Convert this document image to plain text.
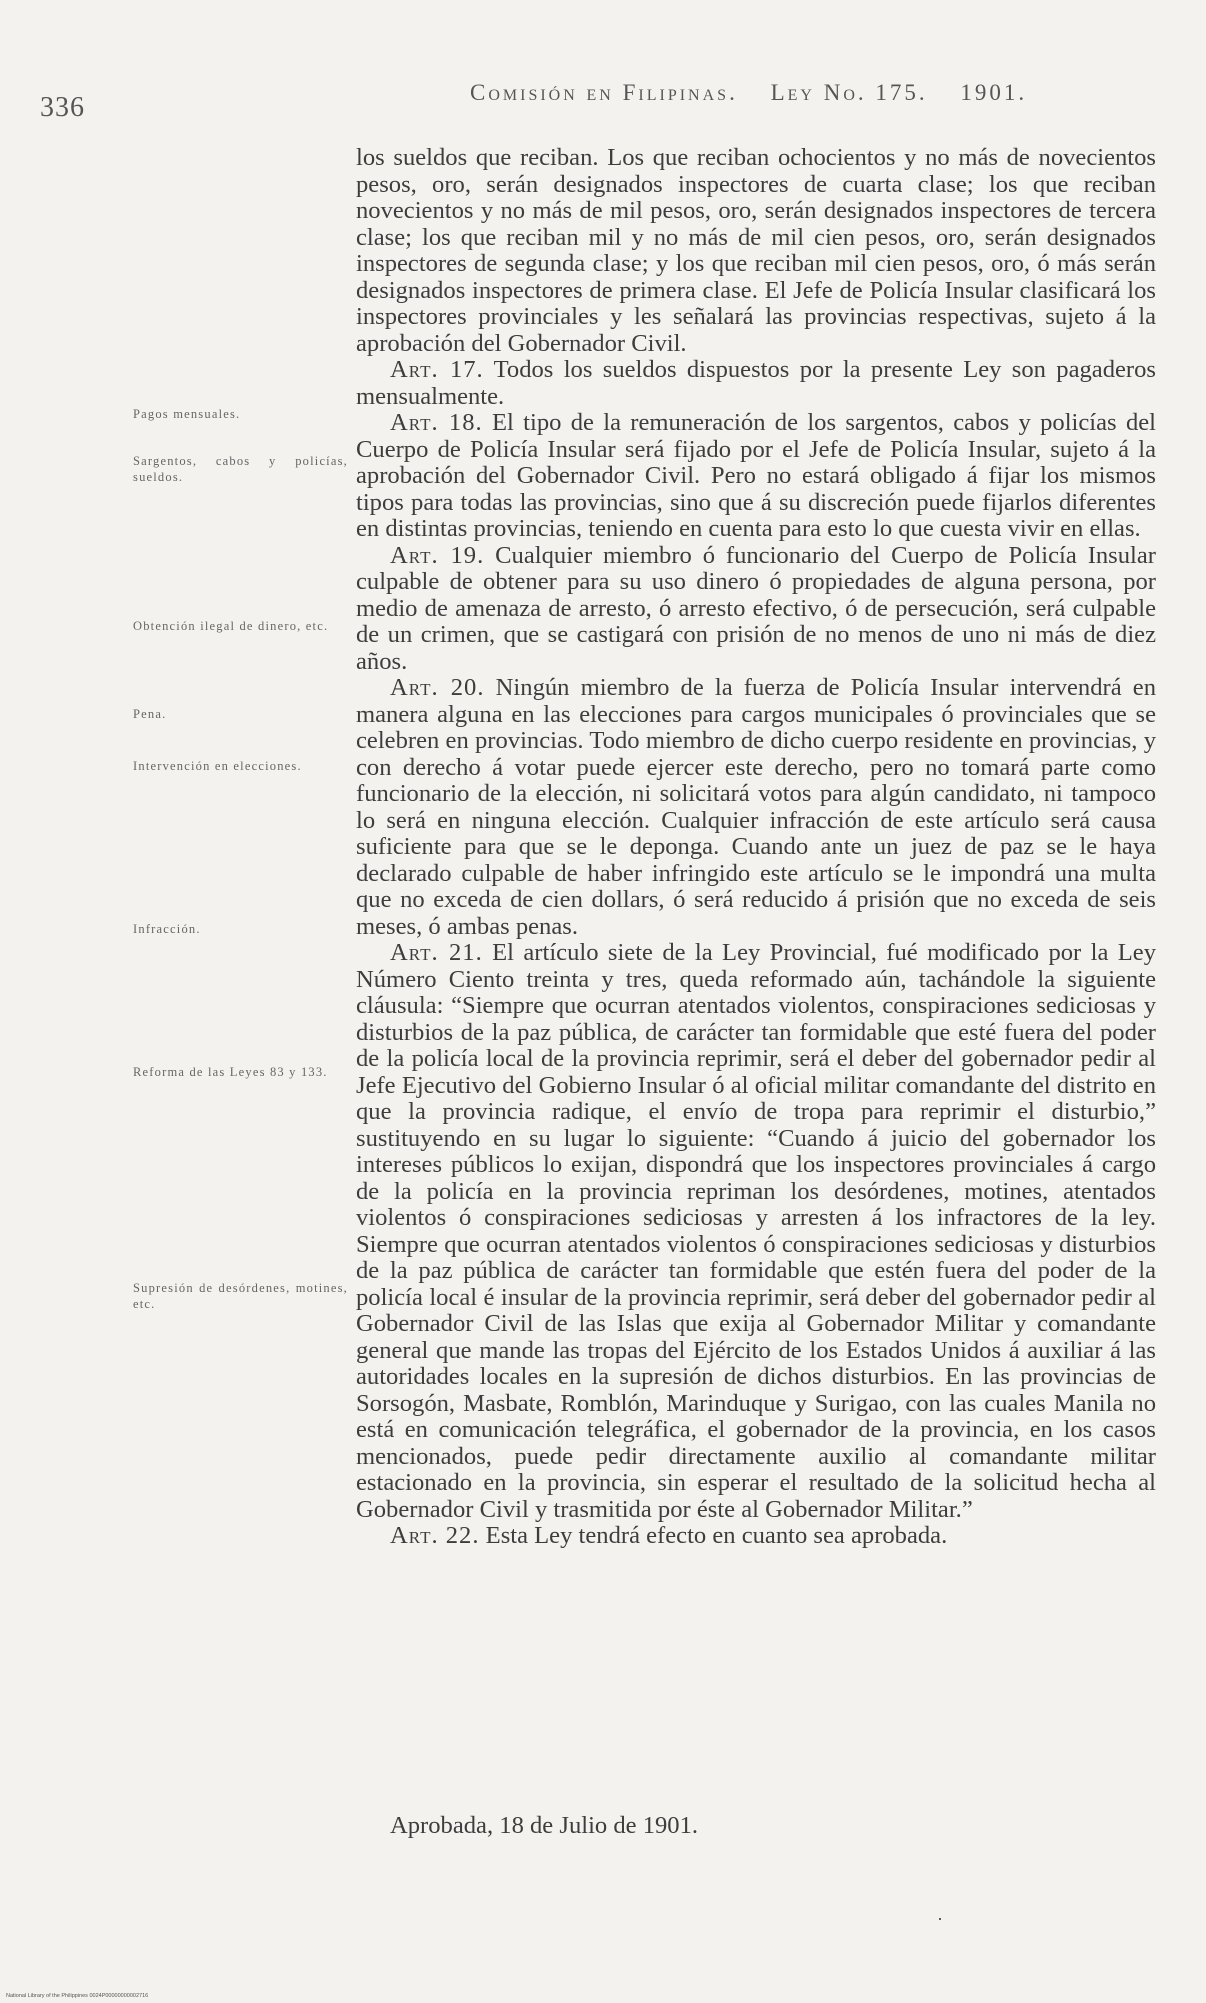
336	Comisión en Filipinas. Ley No. 175. 1901.
Pagos mensuales.
Sargentos, cabos y policías, sueldos.
Obtención ilegal de dinero, etc.
Pena.
Intervención en elecciones.
Infracción.
Reforma de las Leyes 83 y 133.
Supresión de desórdenes, motines, etc.

los sueldos que reciban. Los que reciban ochocientos y no más de novecientos pesos, oro, serán designados inspectores de cuarta clase; los que reciban novecientos y no más de mil pesos, oro, serán designados inspectores de tercera clase; los que reciban mil y no más de mil cien pesos, oro, serán designados inspectores de segunda clase; y los que reciban mil cien pesos, oro, ó más serán designados inspectores de primera clase. El Jefe de Policía Insular clasificará los inspectores provinciales y les señalará las provincias respectivas, sujeto á la aprobación del Gobernador Civil.

Art. 17. Todos los sueldos dispuestos por la presente Ley son pagaderos mensualmente.

Art. 18. El tipo de la remuneración de los sargentos, cabos y policías del Cuerpo de Policía Insular será fijado por el Jefe de Policía Insular, sujeto á la aprobación del Gobernador Civil. Pero no estará obligado á fijar los mismos tipos para todas las provincias, sino que á su discreción puede fijarlos diferentes en distintas provincias, teniendo en cuenta para esto lo que cuesta vivir en ellas.

Art. 19. Cualquier miembro ó funcionario del Cuerpo de Policía Insular culpable de obtener para su uso dinero ó propiedades de alguna persona, por medio de amenaza de arresto, ó arresto efectivo, ó de persecución, será culpable de un crimen, que se castigará con prisión de no menos de uno ni más de diez años.

Art. 20. Ningún miembro de la fuerza de Policía Insular intervendrá en manera alguna en las elecciones para cargos municipales ó provinciales que se celebren en provincias. Todo miembro de dicho cuerpo residente en provincias, y con derecho á votar puede ejercer este derecho, pero no tomará parte como funcionario de la elección, ni solicitará votos para algún candidato, ni tampoco lo será en ninguna elección. Cualquier infracción de este artículo será causa suficiente para que se le deponga. Cuando ante un juez de paz se le haya declarado culpable de haber infringido este artículo se le impondrá una multa que no exceda de cien dollars, ó será reducido á prisión que no exceda de seis meses, ó ambas penas.

Art. 21. El artículo siete de la Ley Provincial, fué modificado por la Ley Número Ciento treinta y tres, queda reformado aún, tachándole la siguiente cláusula: “Siempre que ocurran atentados violentos, conspiraciones sediciosas y disturbios de la paz pública, de carácter tan formidable que esté fuera del poder de la policía local de la provincia reprimir, será el deber del gobernador pedir al Jefe Ejecutivo del Gobierno Insular ó al oficial militar comandante del distrito en que la provincia radique, el envío de tropa para reprimir el disturbio,” sustituyendo en su lugar lo siguiente: “Cuando á juicio del gobernador los intereses públicos lo exijan, dispondrá que los inspectores provinciales á cargo de la policía en la provincia repriman los desórdenes, motines, atentados violentos ó conspiraciones sediciosas y arresten á los infractores de la ley. Siempre que ocurran atentados violentos ó conspiraciones sediciosas y disturbios de la paz pública de carácter tan formidable que estén fuera del poder de la policía local é insular de la provincia reprimir, será deber del gobernador pedir al Gobernador Civil de las Islas que exija al Gobernador Militar y comandante general que mande las tropas del Ejército de los Estados Unidos á auxiliar á las autoridades locales en la supresión de dichos disturbios. En las provincias de Sorsogón, Masbate, Romblón, Marinduque y Surigao, con las cuales Manila no está en comunicación telegráfica, el gobernador de la provincia, en los casos mencionados, puede pedir directamente auxilio al comandante militar estacionado en la provincia, sin esperar el resultado de la solicitud hecha al Gobernador Civil y trasmitida por éste al Gobernador Militar.”

Art. 22. Esta Ley tendrá efecto en cuanto sea aprobada.

Aprobada, 18 de Julio de 1901.
·
National Library of the Philippines 0024P00000000002716
